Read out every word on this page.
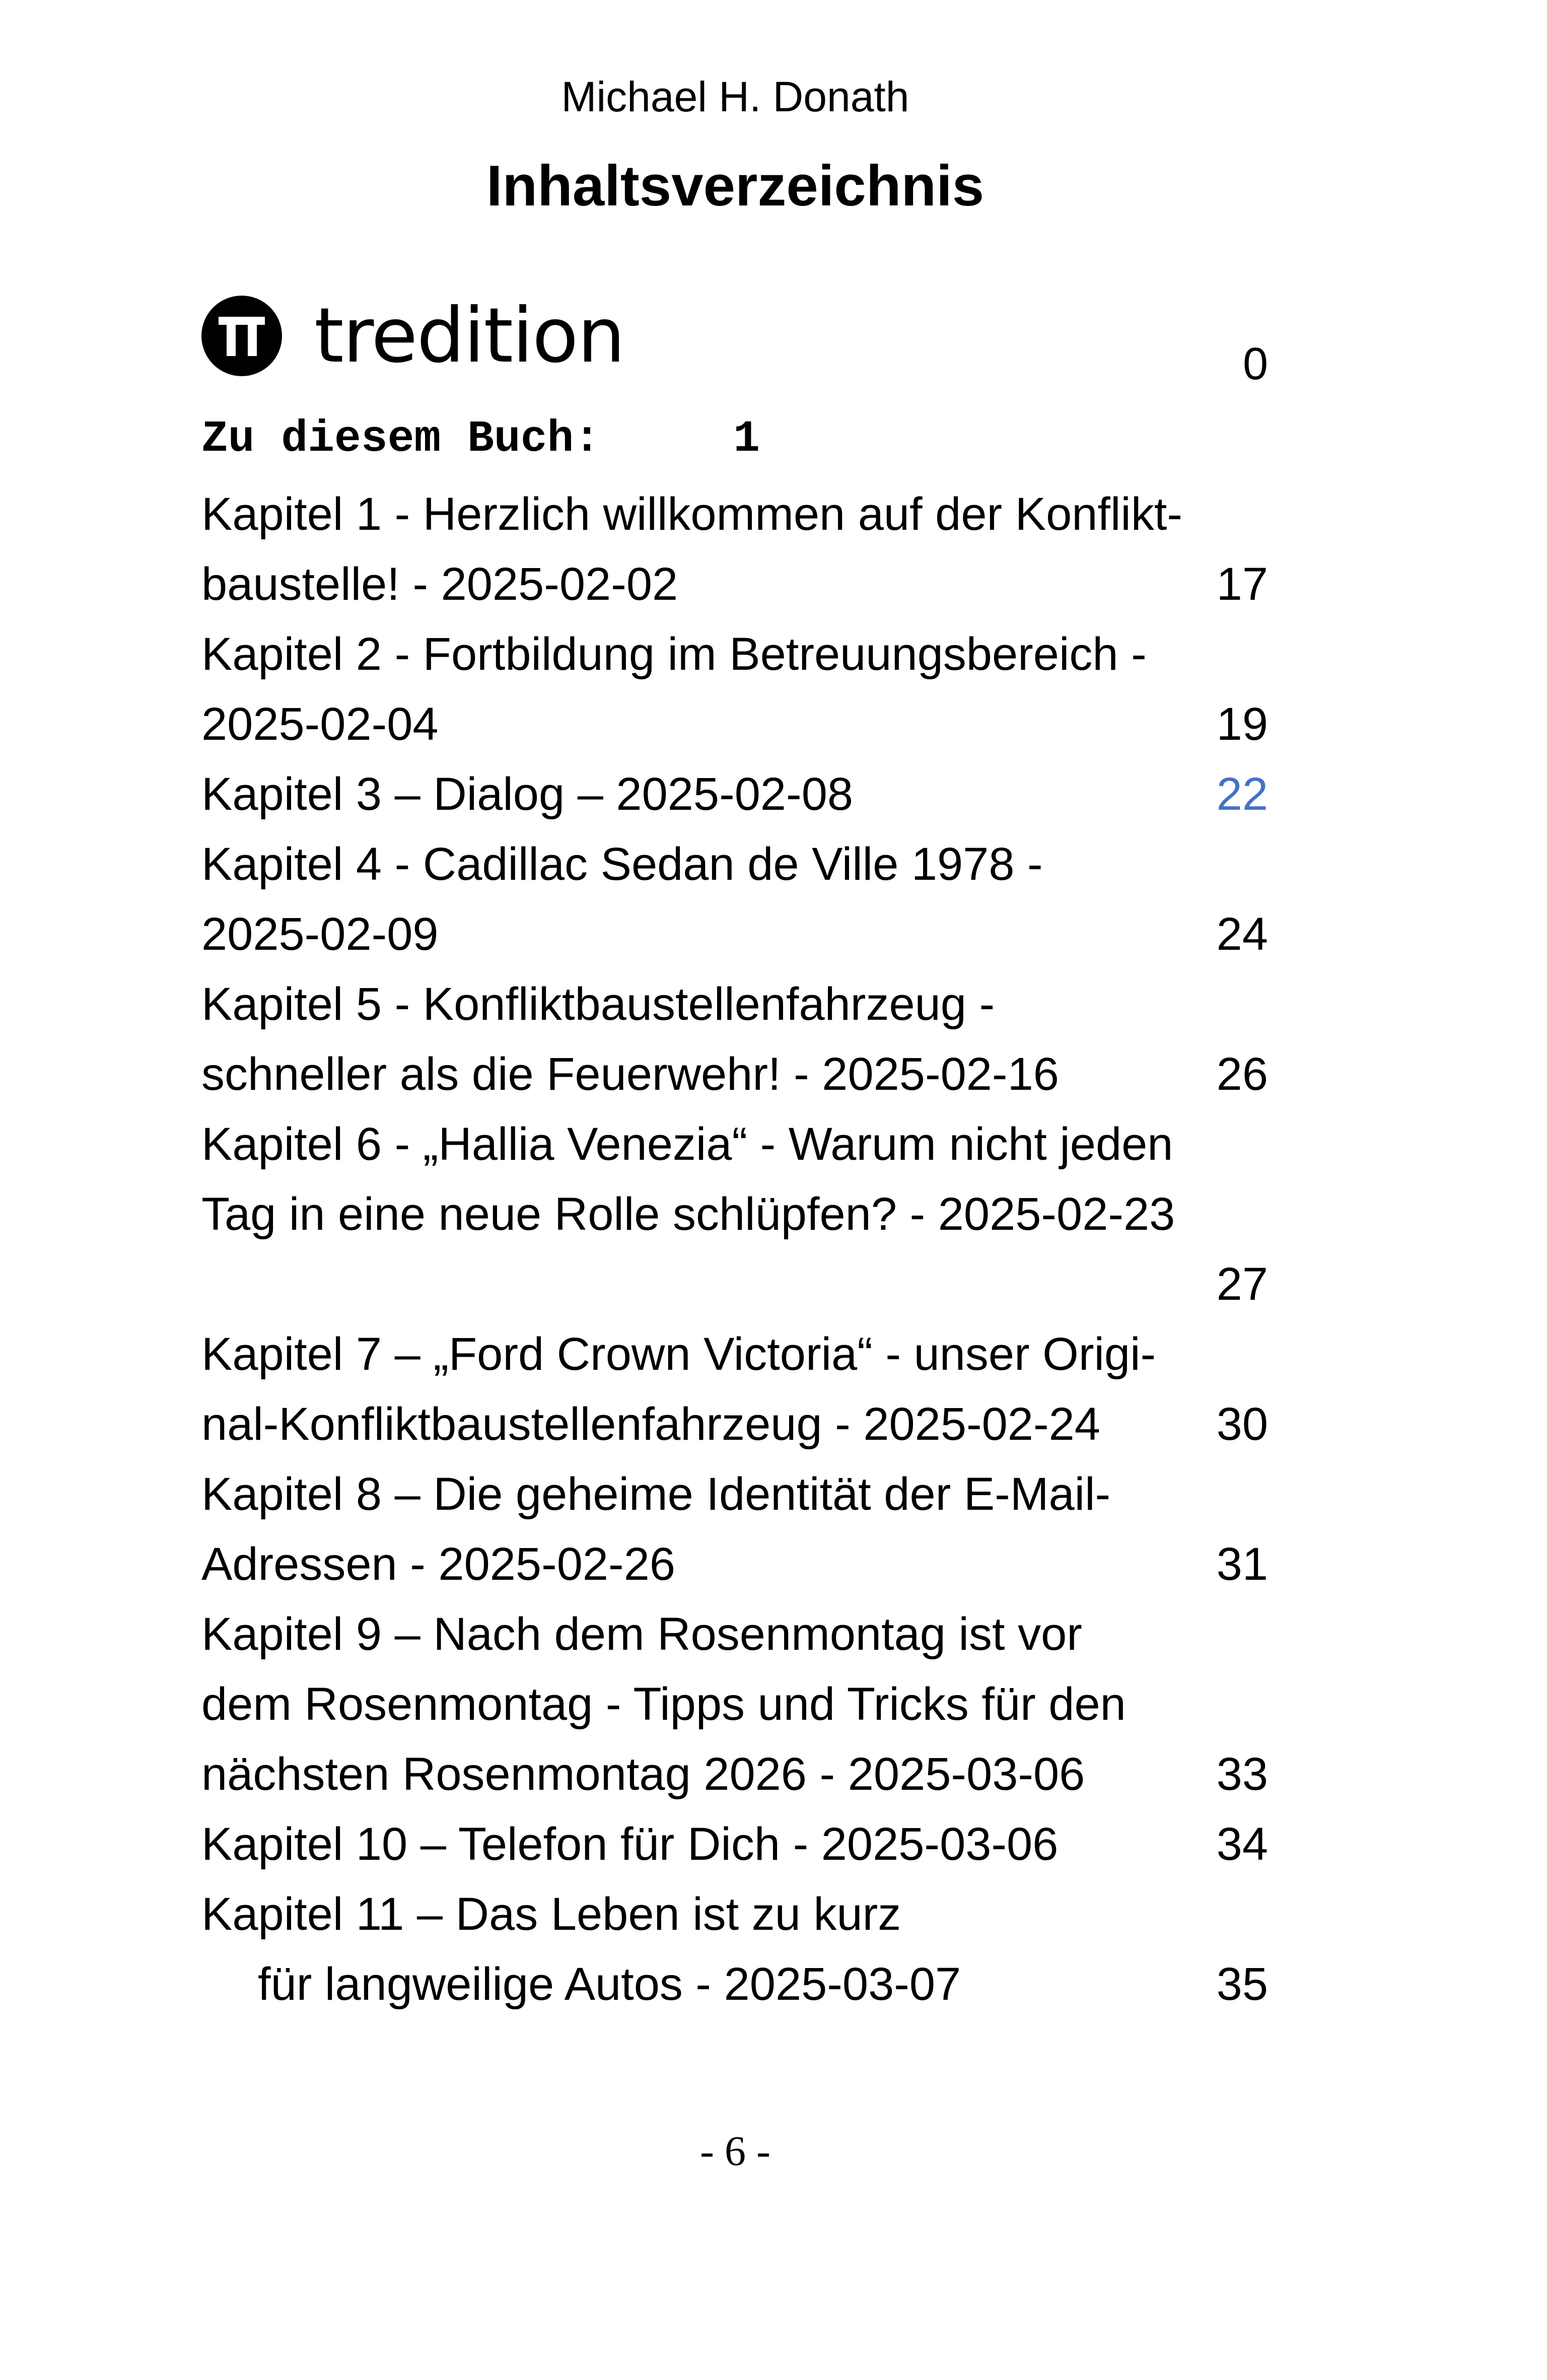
Michael H. Donath
Inhaltsverzeichnis
tredition	0
Zu diesem Buch:	1
Kapitel 1 - Herzlich willkommen auf der Konflikt-
baustelle! - 2025-02-02	17
Kapitel 2 - Fortbildung im Betreuungsbereich -
2025-02-04	19
Kapitel 3 – Dialog – 2025-02-08	22
Kapitel 4 - Cadillac Sedan de Ville 1978 -
2025-02-09	24
Kapitel 5 - Konfliktbaustellenfahrzeug -
schneller als die Feuerwehr! - 2025-02-16	26
Kapitel 6 - „Hallia Venezia“ - Warum nicht jeden
Tag in eine neue Rolle schlüpfen? - 2025-02-23
27
Kapitel 7 – „Ford Crown Victoria“ - unser Origi-
nal-Konfliktbaustellenfahrzeug - 2025-02-24	30
Kapitel 8 – Die geheime Identität der E-Mail-
Adressen - 2025-02-26	31
Kapitel 9 – Nach dem Rosenmontag ist vor
dem Rosenmontag - Tipps und Tricks für den
nächsten Rosenmontag 2026 - 2025-03-06	33
Kapitel 10 – Telefon für Dich - 2025-03-06	34
Kapitel 11 – Das Leben ist zu kurz
für langweilige Autos - 2025-03-07	35
- 6 -
